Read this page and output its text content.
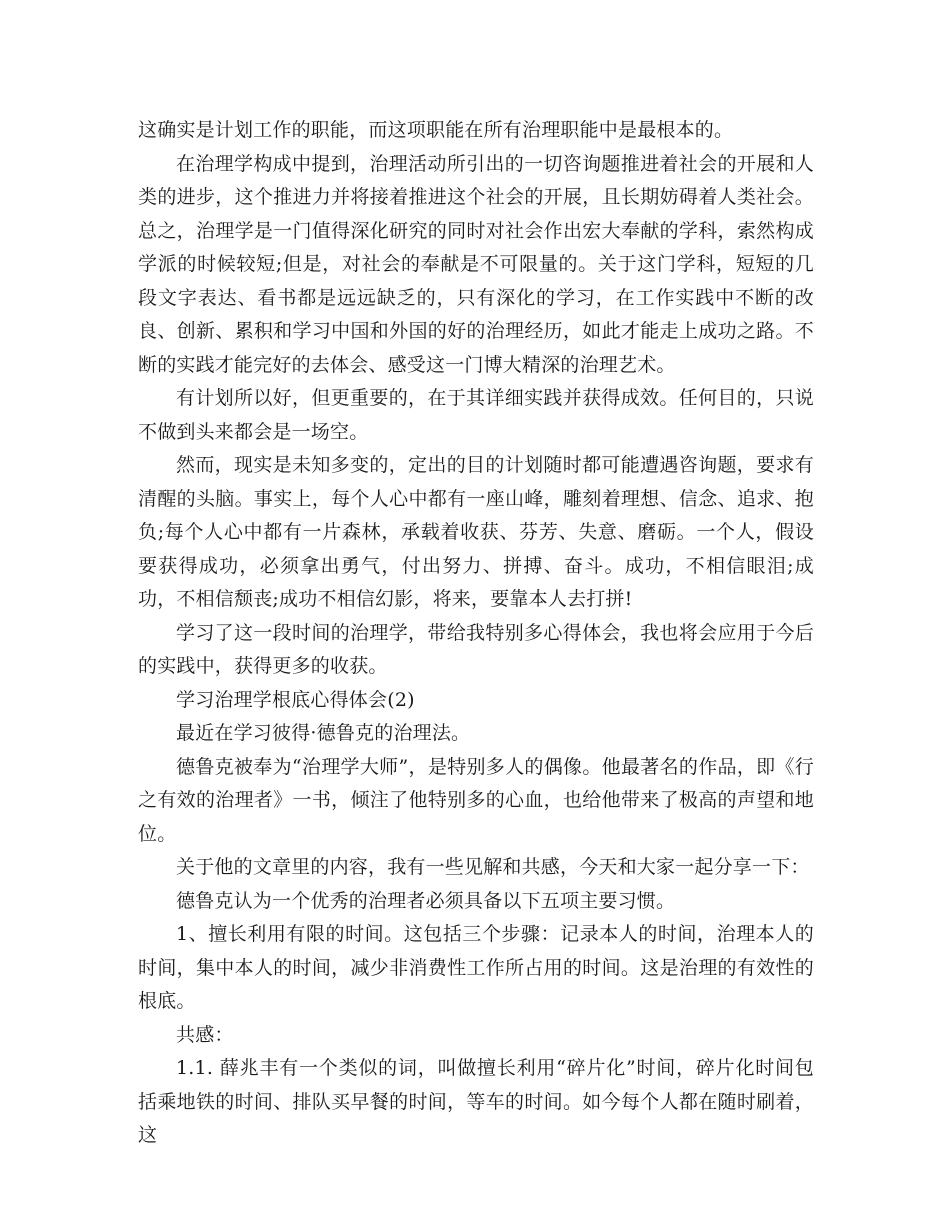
这确实是计划工作的职能，而这项职能在所有治理职能中是最根本的。

在治理学构成中提到，治理活动所引出的一切咨询题推进着社会的开展和人类的进步，这个推进力并将接着推进这个社会的开展，且长期妨碍着人类社会。总之，治理学是一门值得深化研究的同时对社会作出宏大奉献的学科，索然构成学派的时候较短;但是，对社会的奉献是不可限量的。关于这门学科，短短的几段文字表达、看书都是远远缺乏的，只有深化的学习，在工作实践中不断的改良、创新、累积和学习中国和外国的好的治理经历，如此才能走上成功之路。不断的实践才能完好的去体会、感受这一门博大精深的治理艺术。

有计划所以好，但更重要的，在于其详细实践并获得成效。任何目的，只说不做到头来都会是一场空。

然而，现实是未知多变的，定出的目的计划随时都可能遭遇咨询题，要求有清醒的头脑。事实上，每个人心中都有一座山峰，雕刻着理想、信念、追求、抱负;每个人心中都有一片森林，承载着收获、芬芳、失意、磨砺。一个人，假设要获得成功，必须拿出勇气，付出努力、拼搏、奋斗。成功，不相信眼泪;成功，不相信颓丧;成功不相信幻影，将来，要靠本人去打拼!

学习了这一段时间的治理学，带给我特别多心得体会，我也将会应用于今后的实践中，获得更多的收获。

学习治理学根底心得体会(2)

最近在学习彼得·德鲁克的治理法。

德鲁克被奉为“治理学大师”，是特别多人的偶像。他最著名的作品，即《行之有效的治理者》一书，倾注了他特别多的心血，也给他带来了极高的声望和地位。

关于他的文章里的内容，我有一些见解和共感，今天和大家一起分享一下：

德鲁克认为一个优秀的治理者必须具备以下五项主要习惯。

1、擅长利用有限的时间。这包括三个步骤：记录本人的时间，治理本人的时间，集中本人的时间，减少非消费性工作所占用的时间。这是治理的有效性的根底。

共感：

1.1. 薛兆丰有一个类似的词，叫做擅长利用“碎片化”时间，碎片化时间包括乘地铁的时间、排队买早餐的时间，等车的时间。如今每个人都在随时刷着，这
